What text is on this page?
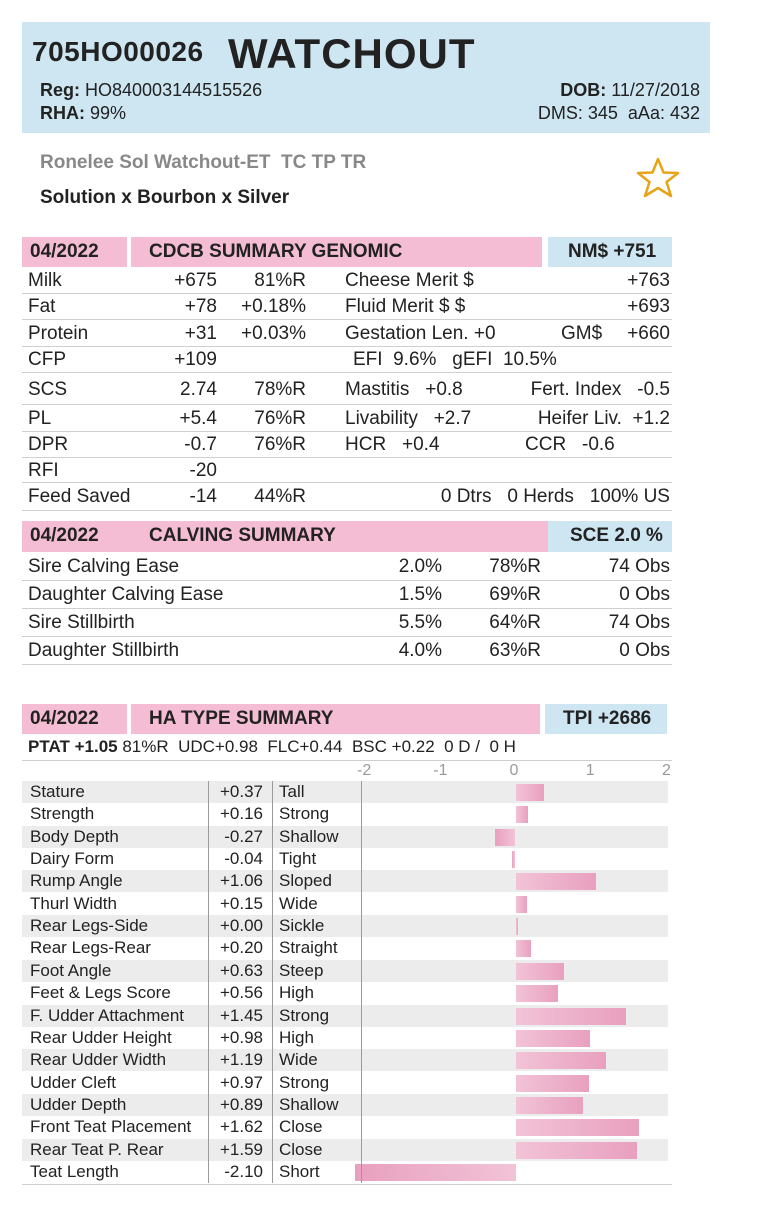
705HO00026 WATCHOUT
Reg: HO840003144515526
RHA: 99%
DOB: 11/27/2018
DMS: 345  aAa: 432
Ronelee Sol Watchout-ET  TC TP TR
Solution x Bourbon x Silver
04/2022	CDCB SUMMARY GENOMIC	NM$ +751
Milk	+675 81%R Cheese Merit $	+763
Fat	+78 +0.18% Fluid Merit $ $	+693
Protein	+31 +0.03% Gestation Len. +0	GM$ +660
CFP	+109	EFI  9.6%   gEFI  10.5%
SCS	2.74 78%R Mastitis   +0.8	Fert. Index   -0.5
PL	+5.4 76%R Livability   +2.7	Heifer Liv.  +1.2
DPR	-0.7 76%R HCR   +0.4	CCR   -0.6
RFI	-20
Feed Saved	-14 44%R	0 Dtrs   0 Herds   100% US
04/2022	CALVING SUMMARY	SCE 2.0 %
Sire Calving Ease	2.0% 78%R	74 Obs
Daughter Calving Ease	1.5% 69%R	0 Obs
Sire Stillbirth	5.5% 64%R	74 Obs
Daughter Stillbirth	4.0% 63%R	0 Obs
04/2022	HA TYPE SUMMARY	TPI +2686
PTAT +1.05 81%R  UDC+0.98  FLC+0.44  BSC +0.22  0 D /  0 H
-2	-1	0	1	2
Stature	+0.37 Tall
Strength	+0.16 Strong
Body Depth	-0.27 Shallow
Dairy Form	-0.04 Tight
Rump Angle	+1.06 Sloped
Thurl Width	+0.15 Wide
Rear Legs-Side	+0.00 Sickle
Rear Legs-Rear	+0.20 Straight
Foot Angle	+0.63 Steep
Feet & Legs Score	+0.56 High
F. Udder Attachment +1.45 Strong
Rear Udder Height	+0.98 High
Rear Udder Width	+1.19 Wide
Udder Cleft	+0.97 Strong
Udder Depth	+0.89 Shallow
Front Teat Placement +1.62 Close
Rear Teat P. Rear	+1.59 Close
Teat Length	-2.10 Short
